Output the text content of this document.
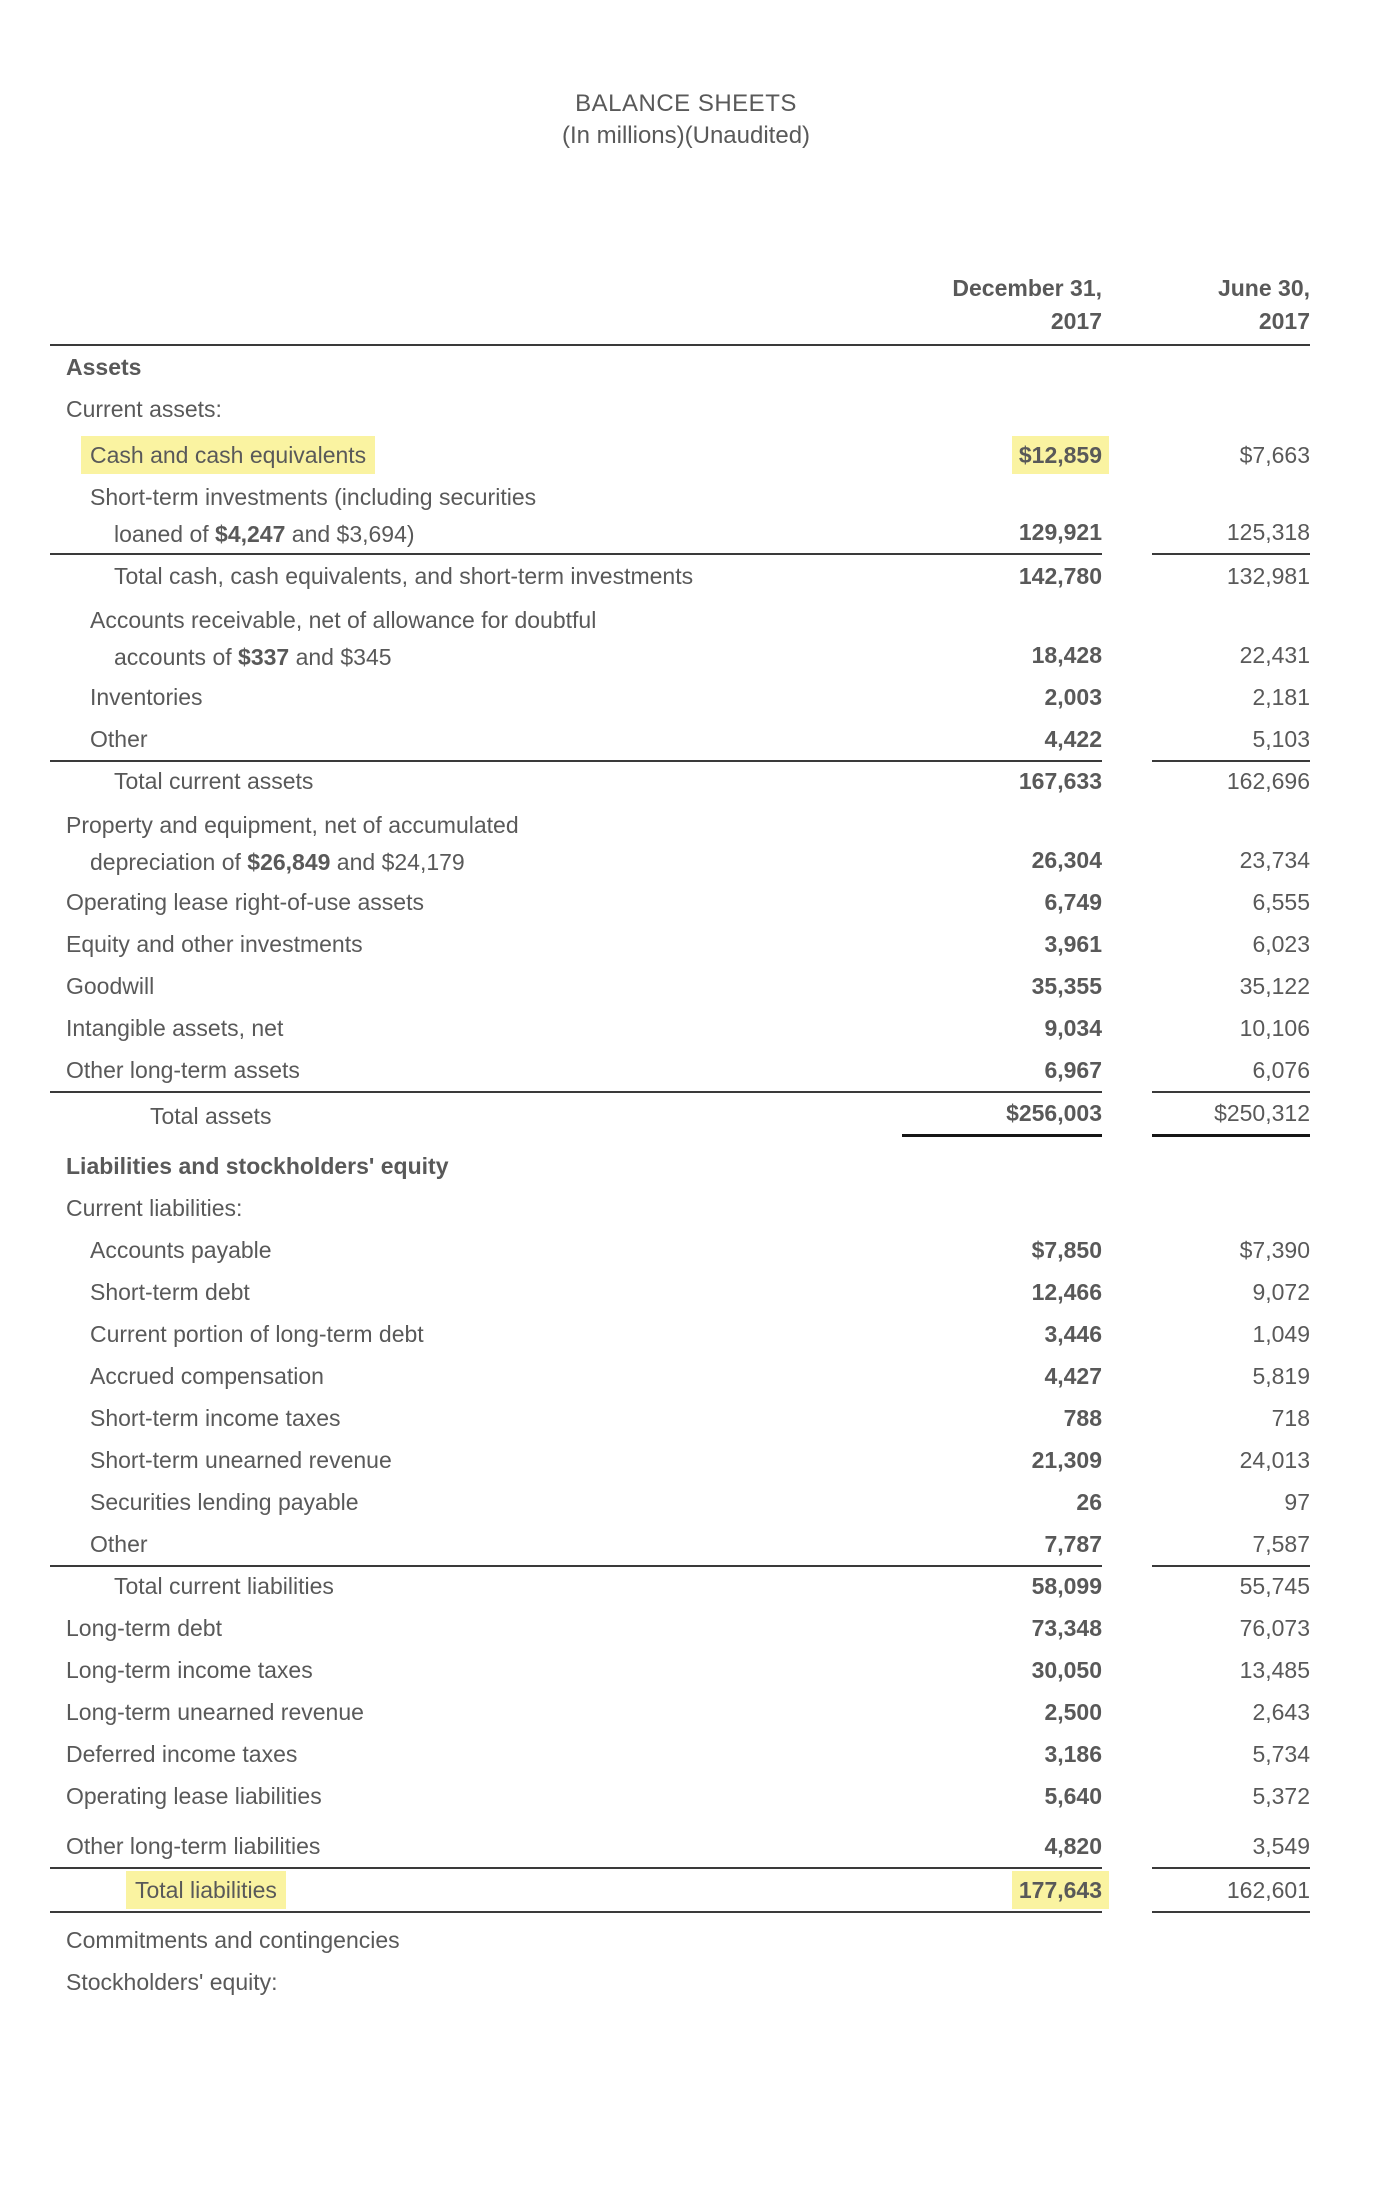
BALANCE SHEETS
(In millions)(Unaudited)
December 31,
2017
June 30,
2017
Assets
Current assets:
Cash and cash equivalents	$12,859	$7,663
Short-term investments (including securities
loaned of $4,247 and $3,694)	129,921	125,318
Total cash, cash equivalents, and short-term investments	142,780	132,981
Accounts receivable, net of allowance for doubtful
accounts of $337 and $345	18,428	22,431
Inventories	2,003	2,181
Other	4,422	5,103
Total current assets	167,633	162,696
Property and equipment, net of accumulated
depreciation of $26,849 and $24,179	26,304	23,734
Operating lease right-of-use assets	6,749	6,555
Equity and other investments	3,961	6,023
Goodwill	35,355	35,122
Intangible assets, net	9,034	10,106
Other long-term assets	6,967	6,076
Total assets	$256,003	$250,312
Liabilities and stockholders' equity
Current liabilities:
Accounts payable	$7,850	$7,390
Short-term debt	12,466	9,072
Current portion of long-term debt	3,446	1,049
Accrued compensation	4,427	5,819
Short-term income taxes	788	718
Short-term unearned revenue	21,309	24,013
Securities lending payable	26	97
Other	7,787	7,587
Total current liabilities	58,099	55,745
Long-term debt	73,348	76,073
Long-term income taxes	30,050	13,485
Long-term unearned revenue	2,500	2,643
Deferred income taxes	3,186	5,734
Operating lease liabilities	5,640	5,372
Other long-term liabilities	4,820	3,549
Total liabilities	177,643	162,601
Commitments and contingencies
Stockholders' equity:
